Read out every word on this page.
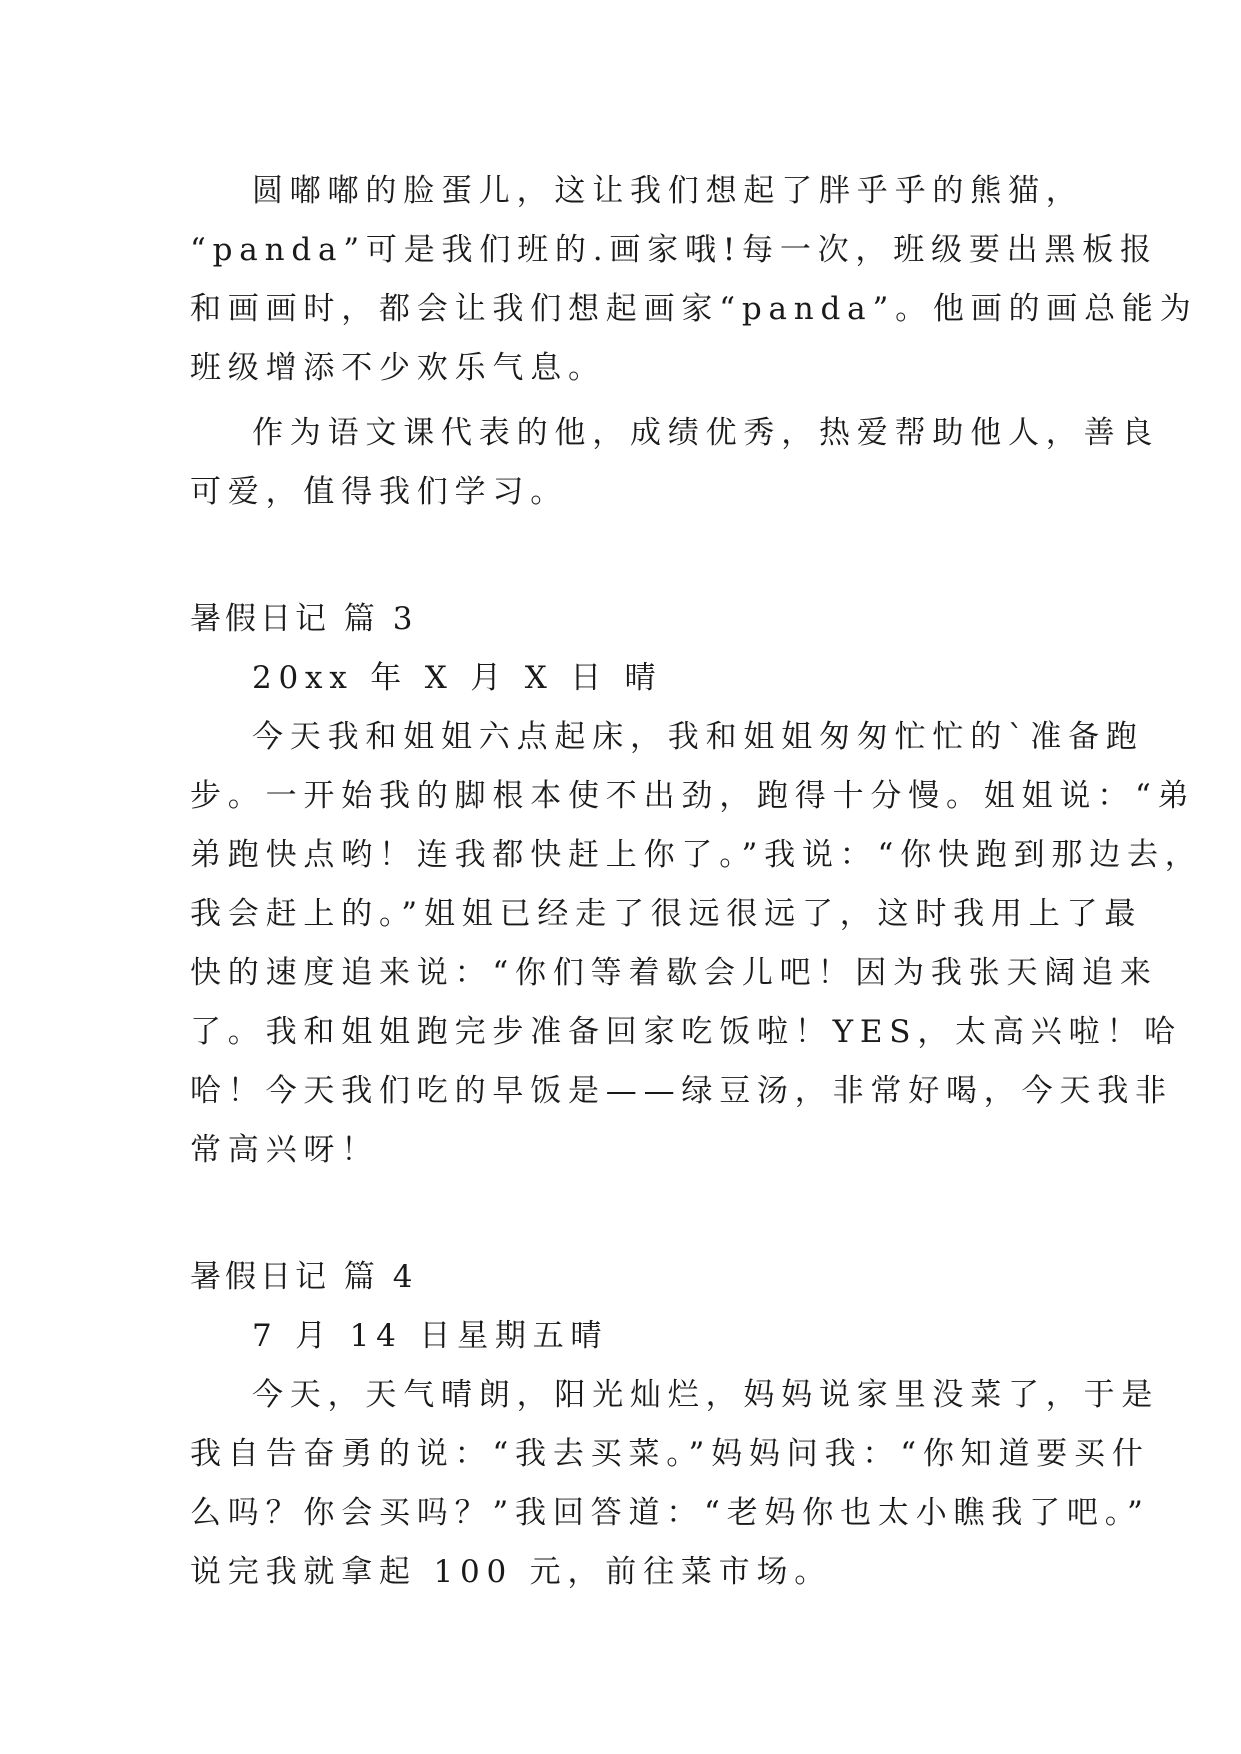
圆嘟嘟的脸蛋儿，这让我们想起了胖乎乎的熊猫，
“panda”可是我们班的.画家哦!每一次，班级要出黑板报
和画画时，都会让我们想起画家“panda”。他画的画总能为
班级增添不少欢乐气息。
作为语文课代表的他，成绩优秀，热爱帮助他人，善良
可爱，值得我们学习。
暑假日记 篇 3
20xx 年 X 月 X 日 晴
今天我和姐姐六点起床，我和姐姐匆匆忙忙的`准备跑
步。一开始我的脚根本使不出劲，跑得十分慢。姐姐说：“弟
弟跑快点哟！连我都快赶上你了。”我说：“你快跑到那边去，
我会赶上的。”姐姐已经走了很远很远了，这时我用上了最
快的速度追来说：“你们等着歇会儿吧！因为我张天阔追来
了。我和姐姐跑完步准备回家吃饭啦！YES，太高兴啦！哈
哈！今天我们吃的早饭是——绿豆汤，非常好喝，今天我非
常高兴呀！
暑假日记 篇 4
7 月 14 日星期五晴
今天，天气晴朗，阳光灿烂，妈妈说家里没菜了，于是
我自告奋勇的说：“我去买菜。”妈妈问我：“你知道要买什
么吗？你会买吗？”我回答道：“老妈你也太小瞧我了吧。”
说完我就拿起 100 元，前往菜市场。
